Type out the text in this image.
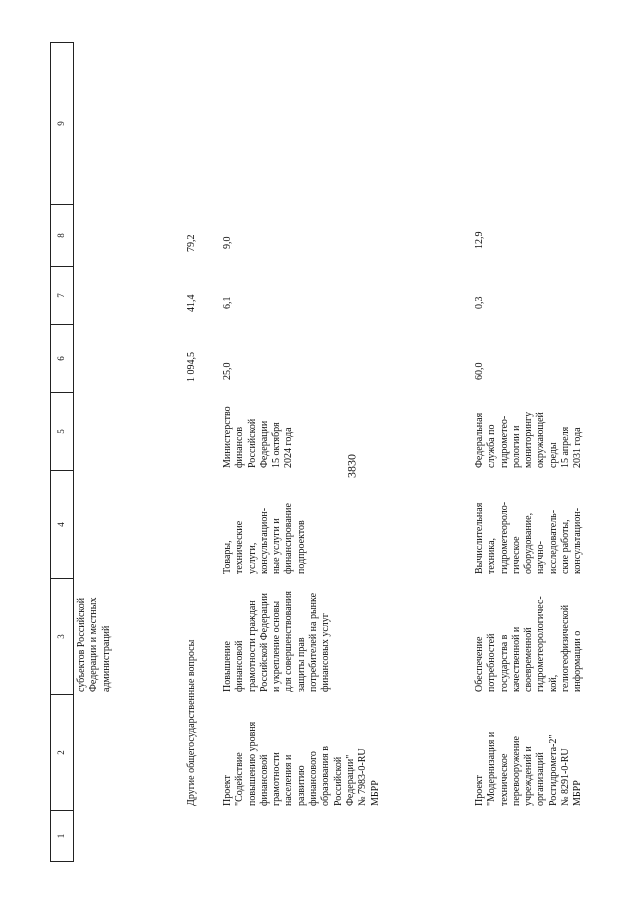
3830
1
2
3
4
5
6
7
8
9
субъектов Российской
Федерации и местных
администраций	Другие общегосударственные вопросы
1 094,5
41,4
79,2
Проект
"Содействие
повышению уровня
финансовой
грамотности
населения и
развитию
финансового
образования в
Российской
Федерации"
№ 7983-0-RU
МБРР
Повышение
финансовой
грамотности граждан
Российской Федерации
и укрепление основы
для совершенствования
защиты прав
потребителей на рынке
финансовых услуг
Товары,
технические
услуги,
консультацион-
ные услуги и
финансирование
подпроектов
Министерство
финансов
Российской
Федерации
15 октября
2024 года
25,0
6,1
9,0
Проект
"Модернизация и
техническое
перевооружение
учреждений и
организаций
Росгидромета-2"
№ 8291-0-RU
МБРР
Обеспечение
потребностей
государства в
качественной и
своевременной
гидрометеорологичес-
кой,
гелиогеофизической
информации о
Вычислительная
техника,
гидрометеороло-
гическое
оборудование,
научно-
исследователь-
ские работы,
консультацион-
Федеральная
служба по
гидрометео-
рологии и
мониторингу
окружающей
среды
15 апреля
2031 года
60,0
0,3
12,9
